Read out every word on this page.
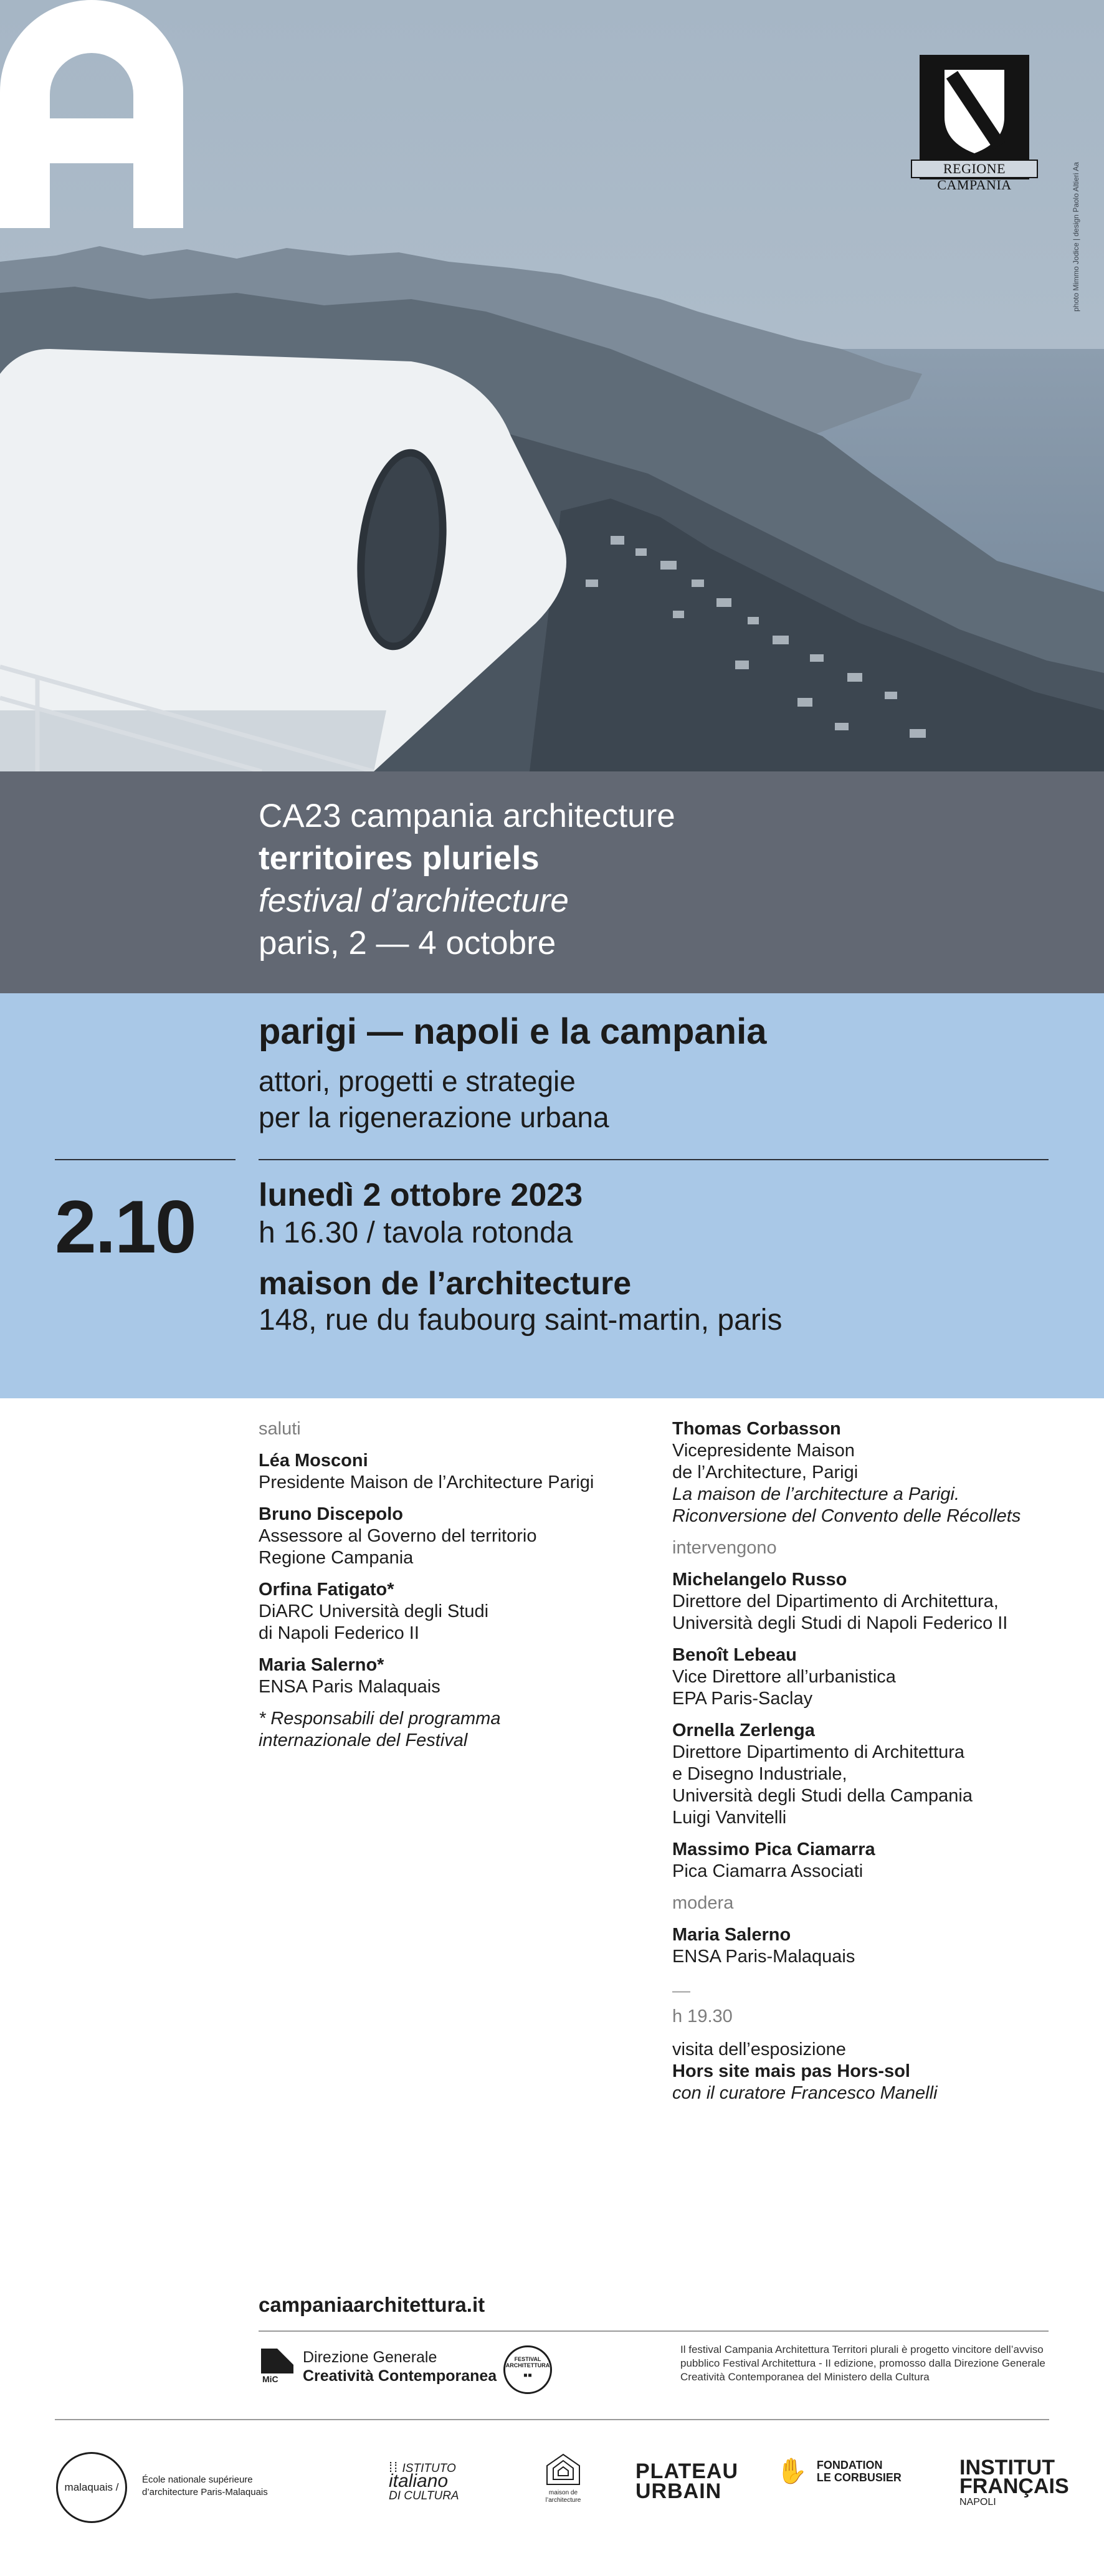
REGIONE CAMPANIA	photo Mimmo Jodice | design Paolo Altieri Aa
CA23 campania architecture
territoires pluriels
festival d’architecture
paris, 2 — 4 octobre
parigi — napoli e la campania
attori, progetti e strategie
per la rigenerazione urbana
2.10 lunedì 2 ottobre 2023
h 16.30 / tavola rotonda
maison de l’architecture
148, rue du faubourg saint-martin, paris
saluti
Léa Mosconi
Presidente Maison de l’Architecture Parigi
Bruno Discepolo
Assessore al Governo del territorio
Regione Campania
Orfina Fatigato*
DiARC Università degli Studi
di Napoli Federico II
Maria Salerno*
ENSA Paris Malaquais
* Responsabili del programma
internazionale del Festival
Thomas Corbasson
Vicepresidente Maison
de l’Architecture, Parigi
La maison de l’architecture a Parigi.
Riconversione del Convento delle Récollets
intervengono
Michelangelo Russo
Direttore del Dipartimento di Architettura,
Università degli Studi di Napoli Federico II
Benoît Lebeau
Vice Direttore all’urbanistica
EPA Paris-Saclay
Ornella Zerlenga
Direttore Dipartimento di Architettura
e Disegno Industriale,
Università degli Studi della Campania
Luigi Vanvitelli
Massimo Pica Ciamarra
Pica Ciamarra Associati
modera
Maria Salerno
ENSA Paris-Malaquais
—
h 19.30
visita dell’esposizione
Hors site mais pas Hors-sol
con il curatore Francesco Manelli
campaniaarchitettura.it
MiC
Direzione Generale
Creatività Contemporanea
FESTIVAL
ARCHITETTURA
▪▪
Il festival Campania Architettura Territori plurali è progetto vincitore dell’avviso pubblico Festival Architettura - II edizione, promosso dalla Direzione Generale Creatività Contemporanea del Ministero della Cultura
malaquais /
École nationale supérieure
d’architecture Paris-Malaquais
⁞⁞ ISTITUTO
italiano
DI CULTURA	maison de
l’architecture
PLATEAU
URBAIN
✋ FONDATION
LE CORBUSIER	INSTITUT
FRANÇAIS
NAPOLI
